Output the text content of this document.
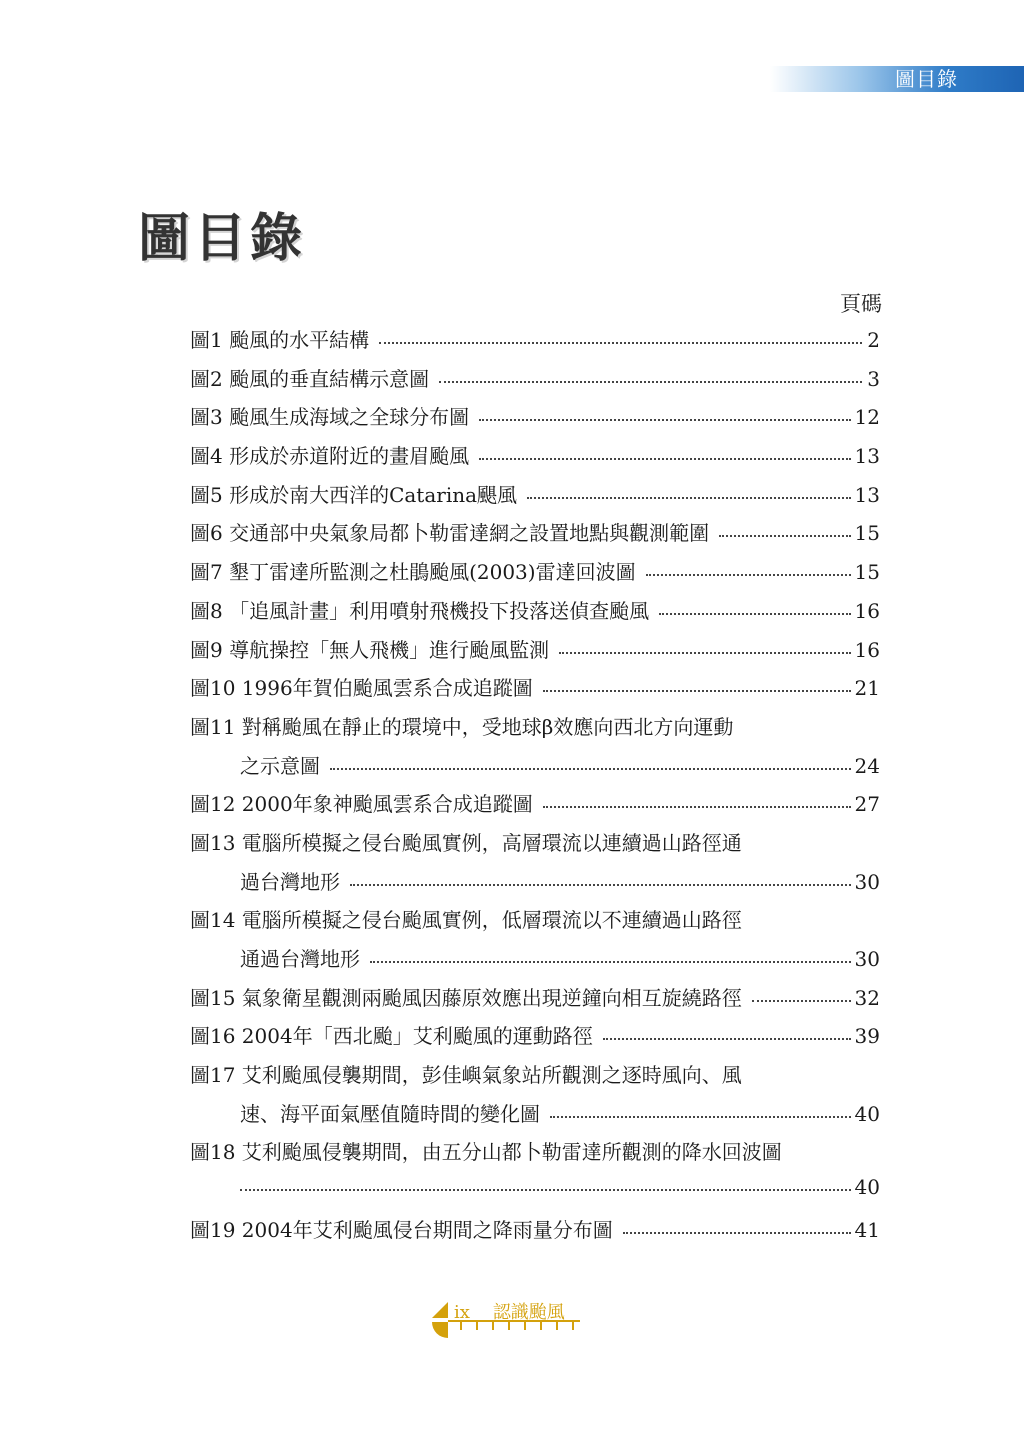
圖目錄
圖目錄
頁碼
圖1 颱風的水平結構	2
圖2 颱風的垂直結構示意圖	3
圖3 颱風生成海域之全球分布圖	12
圖4 形成於赤道附近的畫眉颱風	13
圖5 形成於南大西洋的Catarina颶風	13
圖6 交通部中央氣象局都卜勒雷達網之設置地點與觀測範圍	15
圖7 墾丁雷達所監測之杜鵑颱風(2003)雷達回波圖	15
圖8 「追風計畫」利用噴射飛機投下投落送偵查颱風	16
圖9 導航操控「無人飛機」進行颱風監測	16
圖10 1996年賀伯颱風雲系合成追蹤圖	21
圖11 對稱颱風在靜止的環境中，受地球β效應向西北方向運動
之示意圖	24
圖12 2000年象神颱風雲系合成追蹤圖	27
圖13 電腦所模擬之侵台颱風實例，高層環流以連續過山路徑通
過台灣地形	30
圖14 電腦所模擬之侵台颱風實例，低層環流以不連續過山路徑
通過台灣地形	30
圖15 氣象衛星觀測兩颱風因藤原效應出現逆鐘向相互旋繞路徑	32
圖16 2004年「西北颱」艾利颱風的運動路徑	39
圖17 艾利颱風侵襲期間，彭佳嶼氣象站所觀測之逐時風向、風
速、海平面氣壓值隨時間的變化圖	40
圖18 艾利颱風侵襲期間，由五分山都卜勒雷達所觀測的降水回波圖
40
圖19 2004年艾利颱風侵台期間之降雨量分布圖	41
ix 認識颱風
